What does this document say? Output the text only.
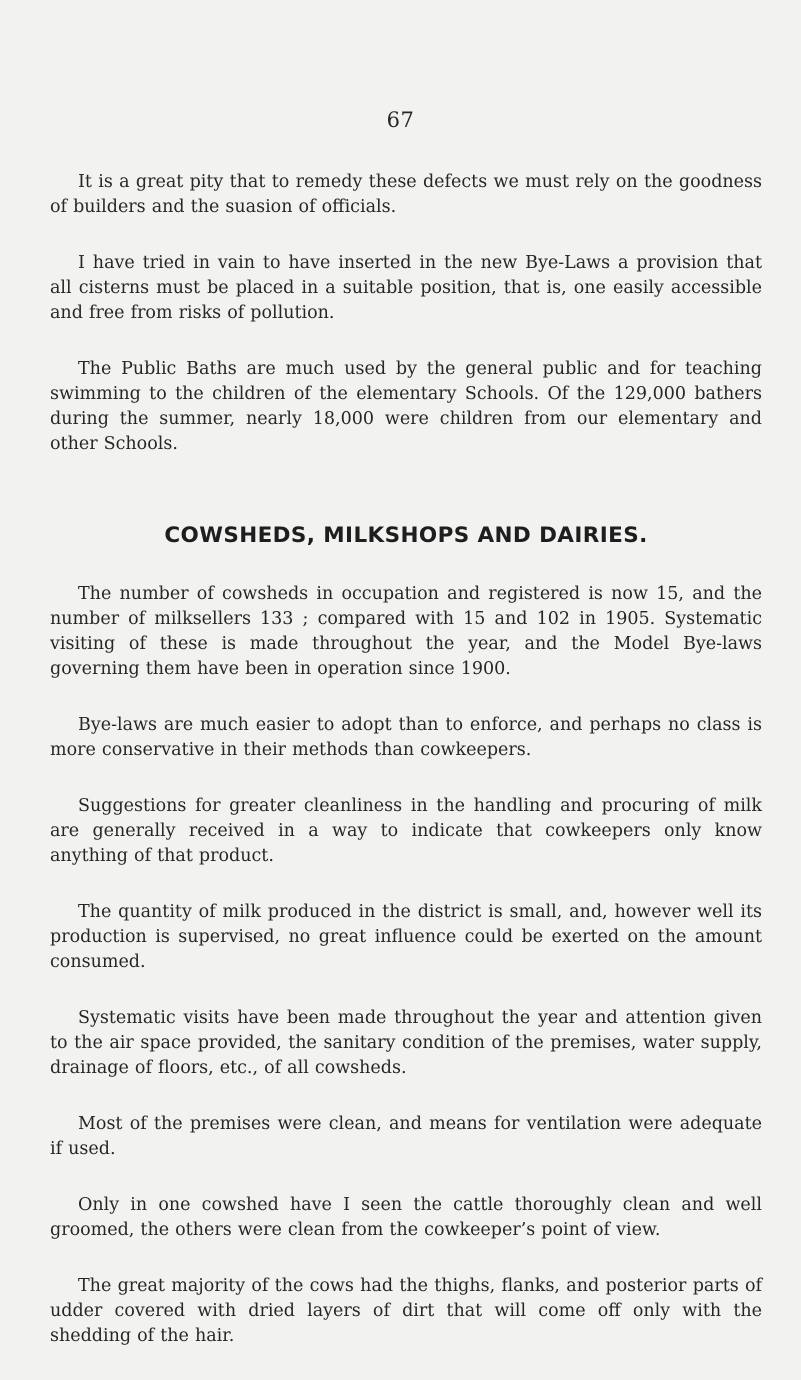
67

It is a great pity that to remedy these defects we must rely on the goodness of builders and the suasion of officials.

I have tried in vain to have inserted in the new Bye-Laws a provision that all cisterns must be placed in a suitable position, that is, one easily accessible and free from risks of pollution.

The Public Baths are much used by the general public and for teaching swimming to the children of the elementary Schools. Of the 129,000 bathers during the summer, nearly 18,000 were children from our elementary and other Schools.

COWSHEDS, MILKSHOPS AND DAIRIES.

The number of cowsheds in occupation and registered is now 15, and the number of milksellers 133 ; compared with 15 and 102 in 1905. Systematic visiting of these is made throughout the year, and the Model Bye-laws governing them have been in operation since 1900.

Bye-laws are much easier to adopt than to enforce, and perhaps no class is more conservative in their methods than cowkeepers.

Suggestions for greater cleanliness in the handling and procuring of milk are generally received in a way to indicate that cowkeepers only know anything of that product.

The quantity of milk produced in the district is small, and, however well its production is supervised, no great influence could be exerted on the amount consumed.

Systematic visits have been made throughout the year and attention given to the air space provided, the sanitary condition of the premises, water supply, drainage of floors, etc., of all cowsheds.

Most of the premises were clean, and means for ventilation were adequate if used.

Only in one cowshed have I seen the cattle thoroughly clean and well groomed, the others were clean from the cowkeeper’s point of view.

The great majority of the cows had the thighs, flanks, and posterior parts of udder covered with dried layers of dirt that will come off only with the shedding of the hair.
